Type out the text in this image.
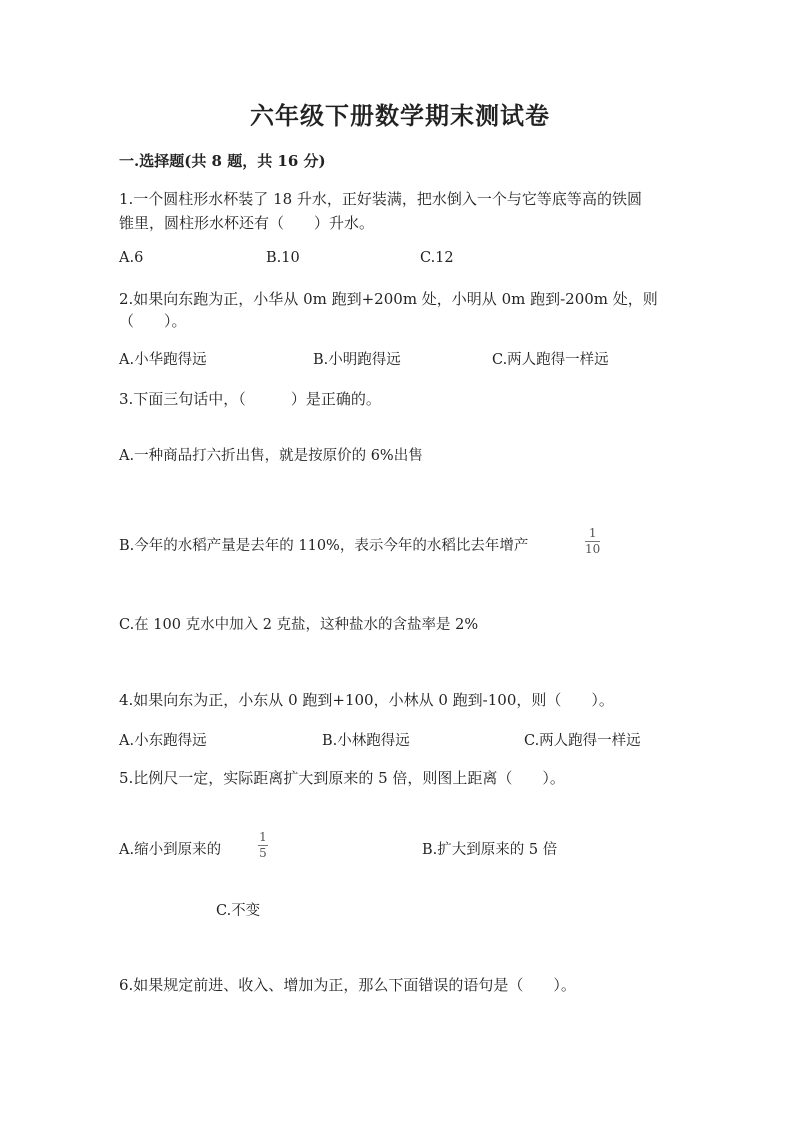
六年级下册数学期末测试卷
一.选择题(共 8 题，共 16 分)
1.一个圆柱形水杯装了 18 升水，正好装满，把水倒入一个与它等底等高的铁圆
锥里，圆柱形水杯还有（　　）升水。
A.6	B.10	C.12
2.如果向东跑为正，小华从 0m 跑到+200m 处，小明从 0m 跑到-200m 处，则
（　　）。
A.小华跑得远	B.小明跑得远	C.两人跑得一样远
3.下面三句话中，（　　　）是正确的。
A.一种商品打六折出售，就是按原价的 6%出售
B.今年的水稻产量是去年的 110%，表示今年的水稻比去年增产
1
10
C.在 100 克水中加入 2 克盐，这种盐水的含盐率是 2%
4.如果向东为正，小东从 0 跑到+100，小林从 0 跑到-100，则（　　）。
A.小东跑得远	B.小林跑得远	C.两人跑得一样远
5.比例尺一定，实际距离扩大到原来的 5 倍，则图上距离（　　）。
A.缩小到原来的
1
5	B.扩大到原来的 5 倍
C.不变
6.如果规定前进、收入、增加为正，那么下面错误的语句是（　　）。
